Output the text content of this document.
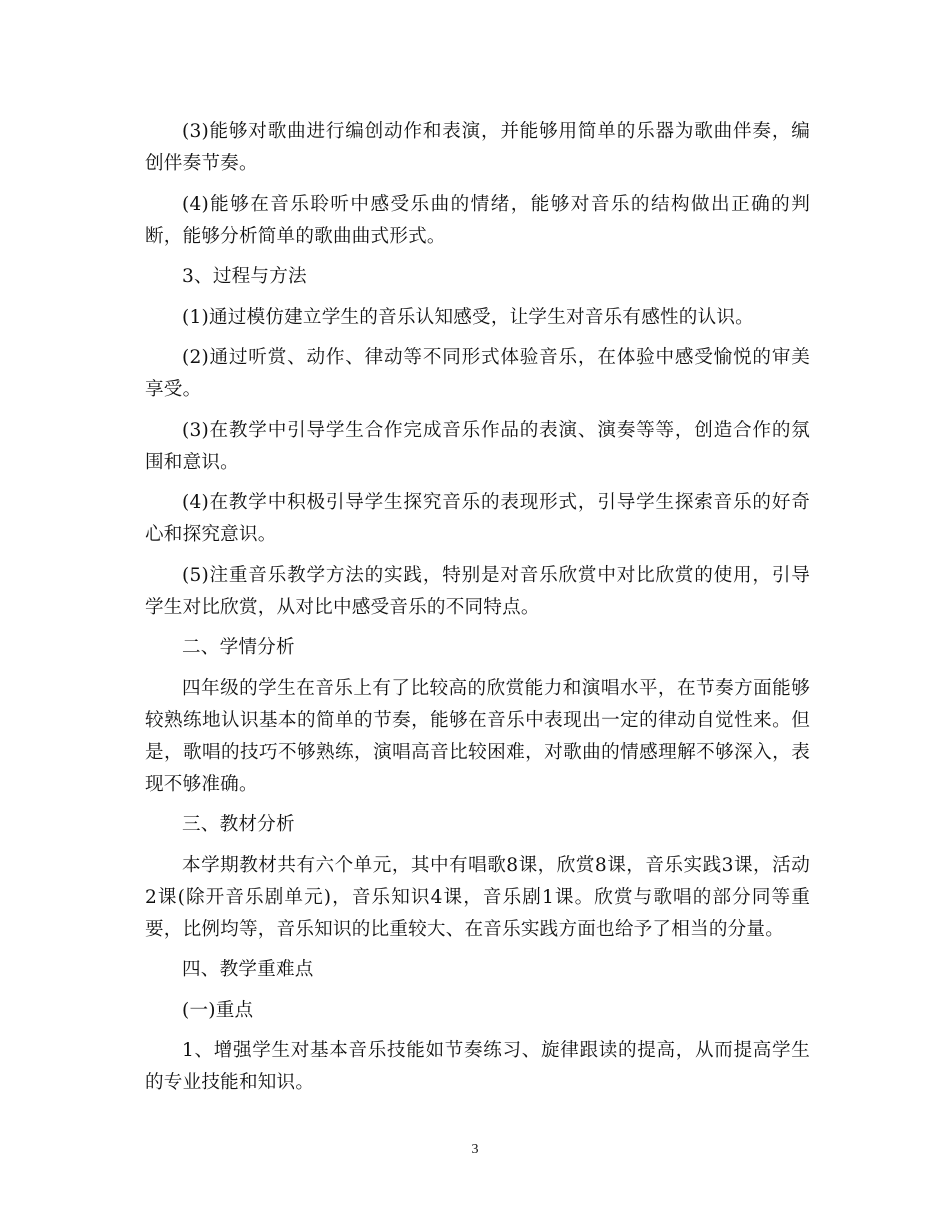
(3)能够对歌曲进行编创动作和表演，并能够用简单的乐器为歌曲伴奏，编创伴奏节奏。

(4)能够在音乐聆听中感受乐曲的情绪，能够对音乐的结构做出正确的判断，能够分析简单的歌曲曲式形式。

3、过程与方法

(1)通过模仿建立学生的音乐认知感受，让学生对音乐有感性的认识。

(2)通过听赏、动作、律动等不同形式体验音乐，在体验中感受愉悦的审美享受。

(3)在教学中引导学生合作完成音乐作品的表演、演奏等等，创造合作的氛围和意识。

(4)在教学中积极引导学生探究音乐的表现形式，引导学生探索音乐的好奇心和探究意识。

(5)注重音乐教学方法的实践，特别是对音乐欣赏中对比欣赏的使用，引导学生对比欣赏，从对比中感受音乐的不同特点。

二、学情分析

四年级的学生在音乐上有了比较高的欣赏能力和演唱水平，在节奏方面能够较熟练地认识基本的简单的节奏，能够在音乐中表现出一定的律动自觉性来。但是，歌唱的技巧不够熟练，演唱高音比较困难，对歌曲的情感理解不够深入，表现不够准确。

三、教材分析

本学期教材共有六个单元，其中有唱歌8课，欣赏8课，音乐实践3课，活动2课(除开音乐剧单元)，音乐知识4课，音乐剧1课。欣赏与歌唱的部分同等重要，比例均等，音乐知识的比重较大、在音乐实践方面也给予了相当的分量。

四、教学重难点

(一)重点

1、增强学生对基本音乐技能如节奏练习、旋律跟读的提高，从而提高学生的专业技能和知识。

3
